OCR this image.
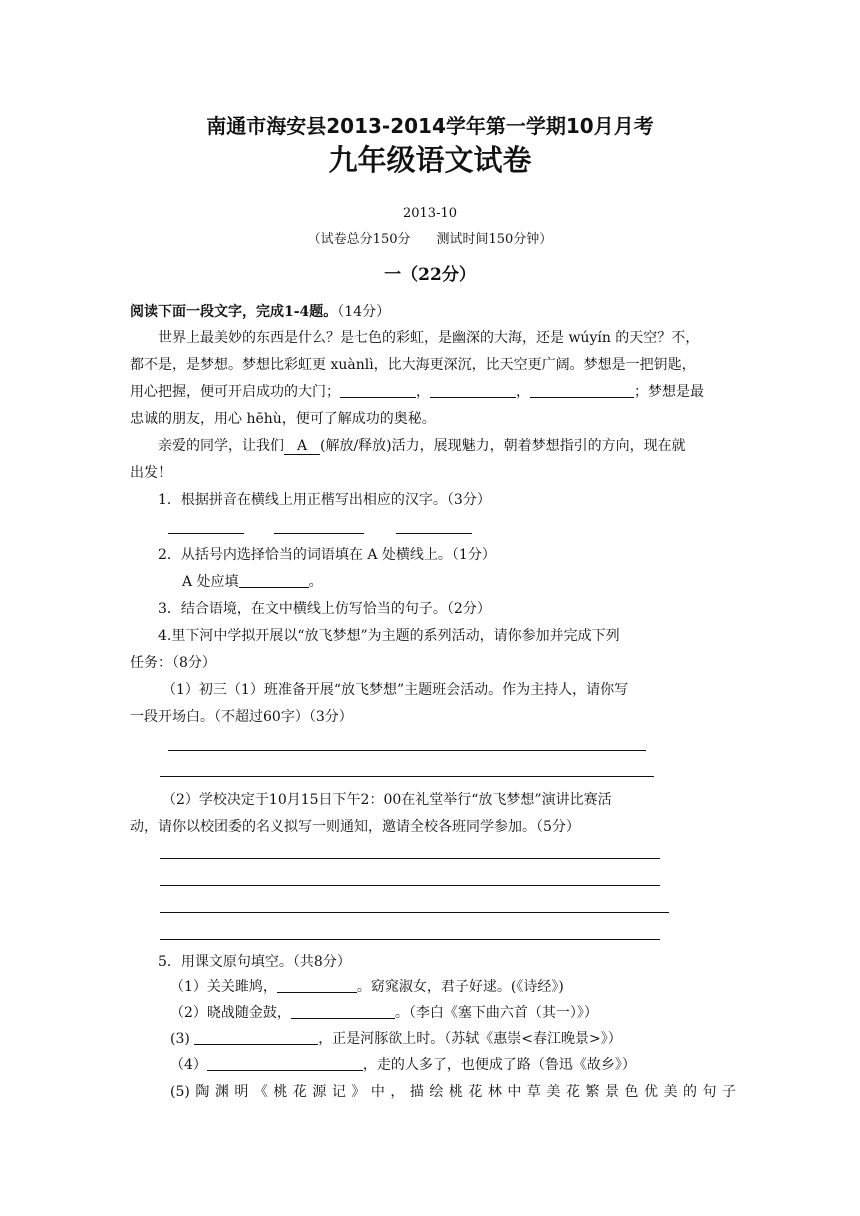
南通市海安县2013-2014学年第一学期10月月考
九年级语文试卷
2013-10
（试卷总分150分　　测试时间150分钟）
一（22分）
阅读下面一段文字，完成1-4题。（14分）
世界上最美妙的东西是什么？是七色的彩虹，是幽深的大海，还是 wúyín 的天空？不，
都不是，是梦想。梦想比彩虹更 xuànlì，比大海更深沉，比天空更广阔。梦想是一把钥匙，
用心把握，便可开启成功的大门；	，	，	；梦想是最
忠诚的朋友，用心 hēhù，便可了解成功的奥秘。
亲爱的同学，让我们 A (解放/释放)活力，展现魅力，朝着梦想指引的方向，现在就
出发！
1．根据拼音在横线上用正楷写出相应的汉字。（3分）
2．从括号内选择恰当的词语填在 A 处横线上。（1分）
A 处应填	。
3．结合语境，在文中横线上仿写恰当的句子。（2分）
4.里下河中学拟开展以“放飞梦想”为主题的系列活动，请你参加并完成下列
任务：（8分）
（1）初三（1）班准备开展“放飞梦想”主题班会活动。作为主持人，请你写
一段开场白。（不超过60字）（3分）
（2）学校决定于10月15日下午2：00在礼堂举行“放飞梦想”演讲比赛活
动，请你以校团委的名义拟写一则通知，邀请全校各班同学参加。（5分）
5．用课文原句填空。（共8分）
（1）关关雎鸠，	。窈窕淑女，君子好逑。(《诗经》)
（2）晓战随金鼓，	。（李白《塞下曲六首（其一）》）
(3)	，正是河豚欲上时。（苏轼《惠崇<春江晚景>》）
（4）	，走的人多了，也便成了路（鲁迅《故乡》）
(5)陶渊明《桃花源记》中，描绘桃花林中草美花繁景色优美的句子
